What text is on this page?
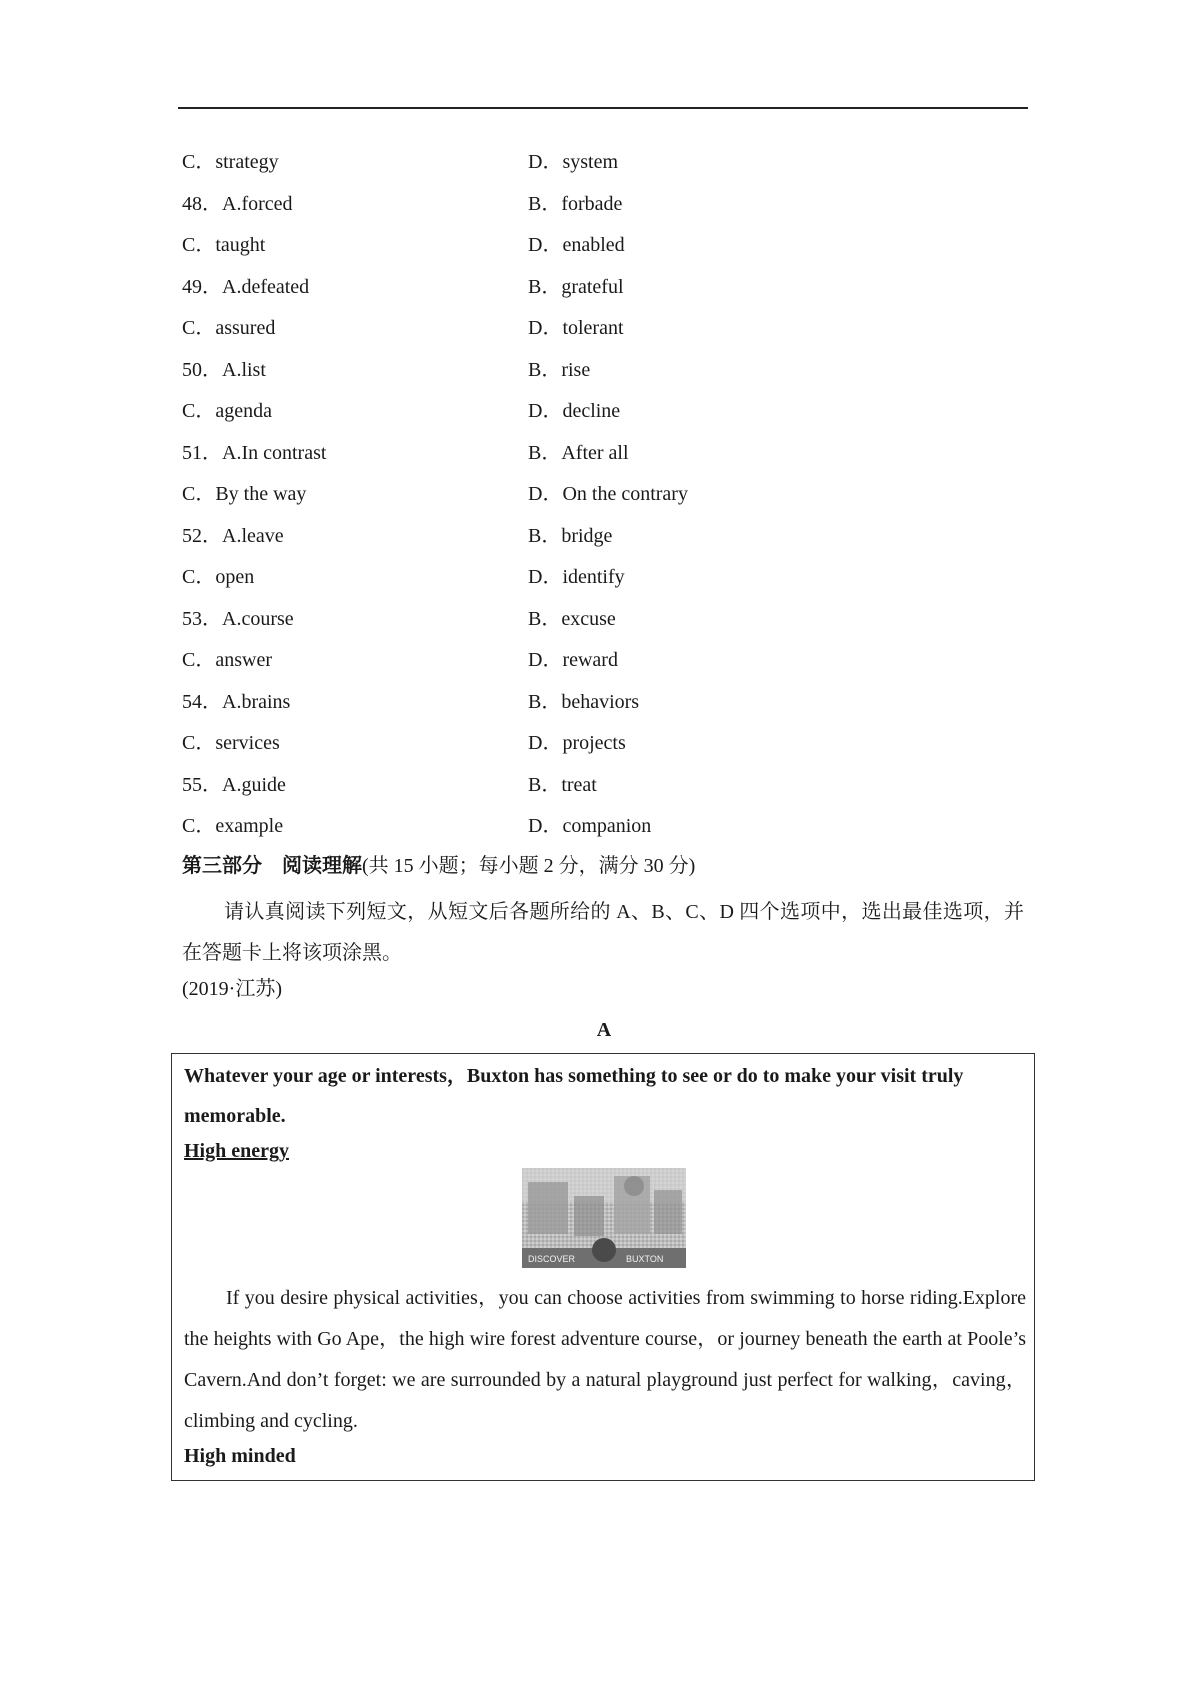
C．strategy	D．system
48．A.forced	B．forbade
C．taught	D．enabled
49．A.defeated	B．grateful
C．assured	D．tolerant
50．A.list	B．rise
C．agenda	D．decline
51．A.In contrast	B．After all
C．By the way	D．On the contrary
52．A.leave	B．bridge
C．open	D．identify
53．A.course	B．excuse
C．answer	D．reward
54．A.brains	B．behaviors
C．services	D．projects
55．A.guide	B．treat
C．example	D．companion
第三部分　阅读理解(共 15 小题；每小题 2 分，满分 30 分)
请认真阅读下列短文，从短文后各题所给的 A、B、C、D 四个选项中，选出最佳选项，并在答题卡上将该项涂黑。
(2019·江苏)
A
Whatever your age or interests，Buxton has something to see or do to make your visit truly memorable.
High energy
DISCOVER	BUXTON
If you desire physical activities，you can choose activities from swimming to horse riding.Explore the heights with Go Ape，the high wire forest adventure course，or journey beneath the earth at Poole’s Cavern.And don’t forget: we are surrounded by a natural playground just perfect for walking，caving，climbing and cycling.
High minded
